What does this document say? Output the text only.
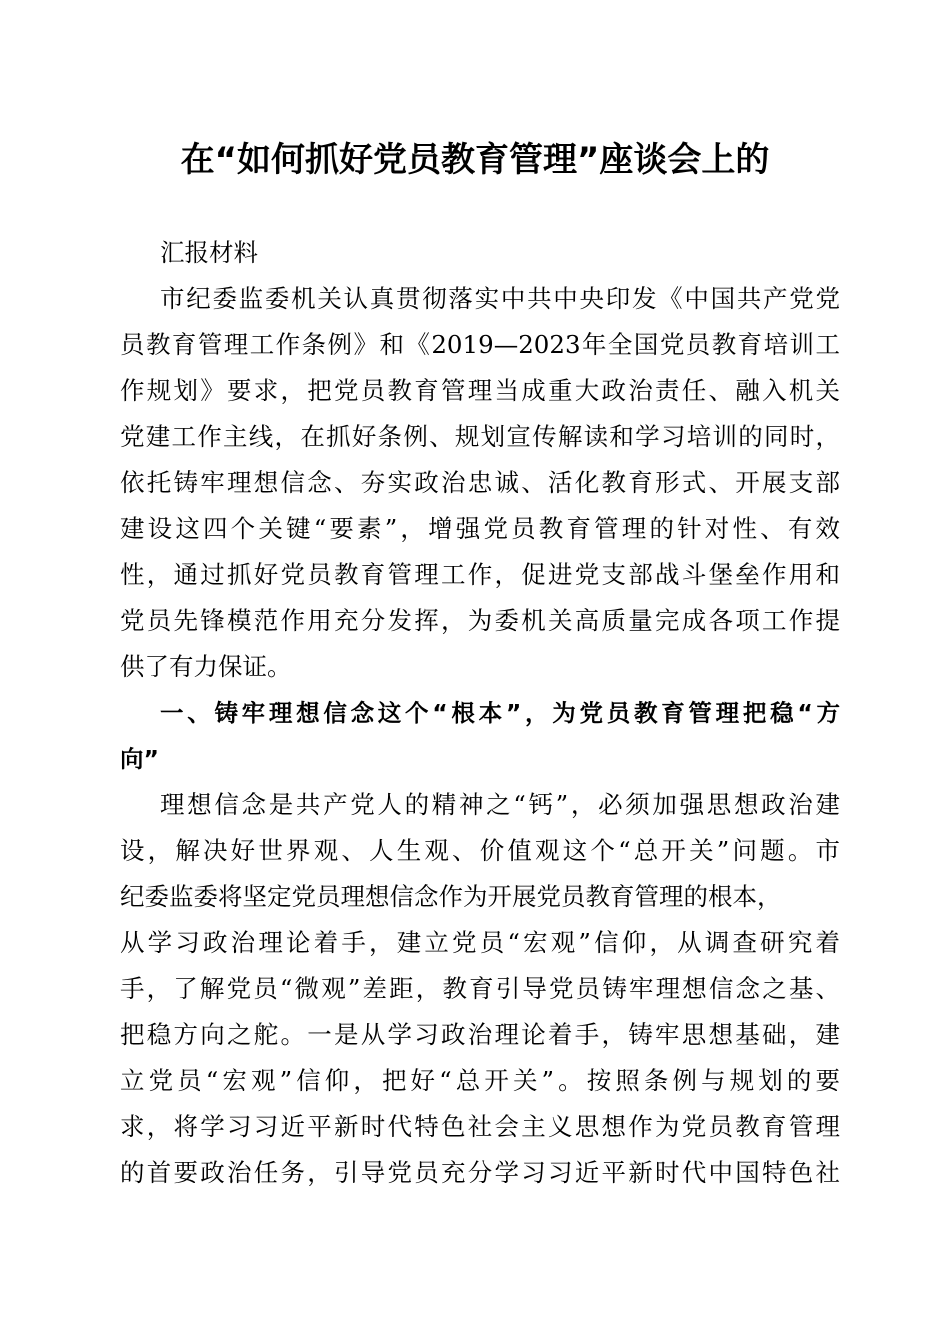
在“如何抓好党员教育管理”座谈会上的
汇报材料
市纪委监委机关认真贯彻落实中共中央印发《中国共产党党
员教育管理工作条例》和《2019—2023年全国党员教育培训工
作规划》要求，把党员教育管理当成重大政治责任、融入机关
党建工作主线，在抓好条例、规划宣传解读和学习培训的同时，
依托铸牢理想信念、夯实政治忠诚、活化教育形式、开展支部
建设这四个关键“要素”，增强党员教育管理的针对性、有效
性，通过抓好党员教育管理工作，促进党支部战斗堡垒作用和
党员先锋模范作用充分发挥，为委机关高质量完成各项工作提
供了有力保证。
一、铸牢理想信念这个“根本”，为党员教育管理把稳“方
向”
理想信念是共产党人的精神之“钙”，必须加强思想政治建
设，解决好世界观、人生观、价值观这个“总开关”问题。市
纪委监委将坚定党员理想信念作为开展党员教育管理的根本，
从学习政治理论着手，建立党员“宏观”信仰，从调查研究着
手，了解党员“微观”差距，教育引导党员铸牢理想信念之基、
把稳方向之舵。一是从学习政治理论着手，铸牢思想基础，建
立党员“宏观”信仰，把好“总开关”。按照条例与规划的要
求，将学习习近平新时代特色社会主义思想作为党员教育管理
的首要政治任务，引导党员充分学习习近平新时代中国特色社
